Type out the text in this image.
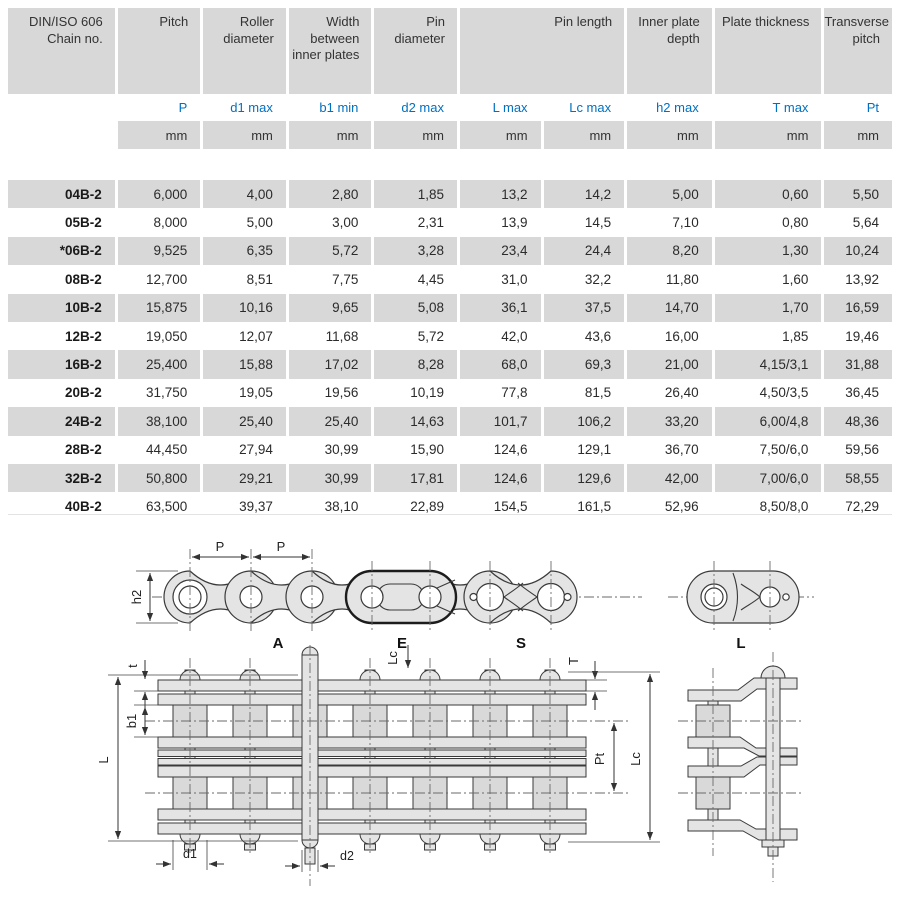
DIN/ISO 606
Chain no.	Pitch	Roller diameter	Width between inner plates	Pin diameter	Pin length		Inner plate depth	Plate thickness	Transverse pitch
	P	d1 max	b1 min	d2 max	L max	Lc max	h2 max	T max	Pt
	mm	mm	mm	mm	mm	mm	mm	mm	mm

04B-2	6,000	4,00	2,80	1,85	13,2	14,2	5,00	0,60	5,50
05B-2	8,000	5,00	3,00	2,31	13,9	14,5	7,10	0,80	5,64
*06B-2	9,525	6,35	5,72	3,28	23,4	24,4	8,20	1,30	10,24
08B-2	12,700	8,51	7,75	4,45	31,0	32,2	11,80	1,60	13,92
10B-2	15,875	10,16	9,65	5,08	36,1	37,5	14,70	1,70	16,59
12B-2	19,050	12,07	11,68	5,72	42,0	43,6	16,00	1,85	19,46
16B-2	25,400	15,88	17,02	8,28	68,0	69,3	21,00	4,15/3,1	31,88
20B-2	31,750	19,05	19,56	10,19	77,8	81,5	26,40	4,50/3,5	36,45
24B-2	38,100	25,40	25,40	14,63	101,7	106,2	33,20	6,00/4,8	48,36
28B-2	44,450	27,94	30,99	15,90	124,6	129,1	36,70	7,50/6,0	59,56
32B-2	50,800	29,21	30,99	17,81	124,6	129,6	42,00	7,00/6,0	58,55
40B-2	63,500	39,37	38,10	22,89	154,5	161,5	52,96	8,50/8,0	72,29
P	P
h2
A	E	S	L
L
t
b1
d1	d2
Lc	T
Pt Lc
